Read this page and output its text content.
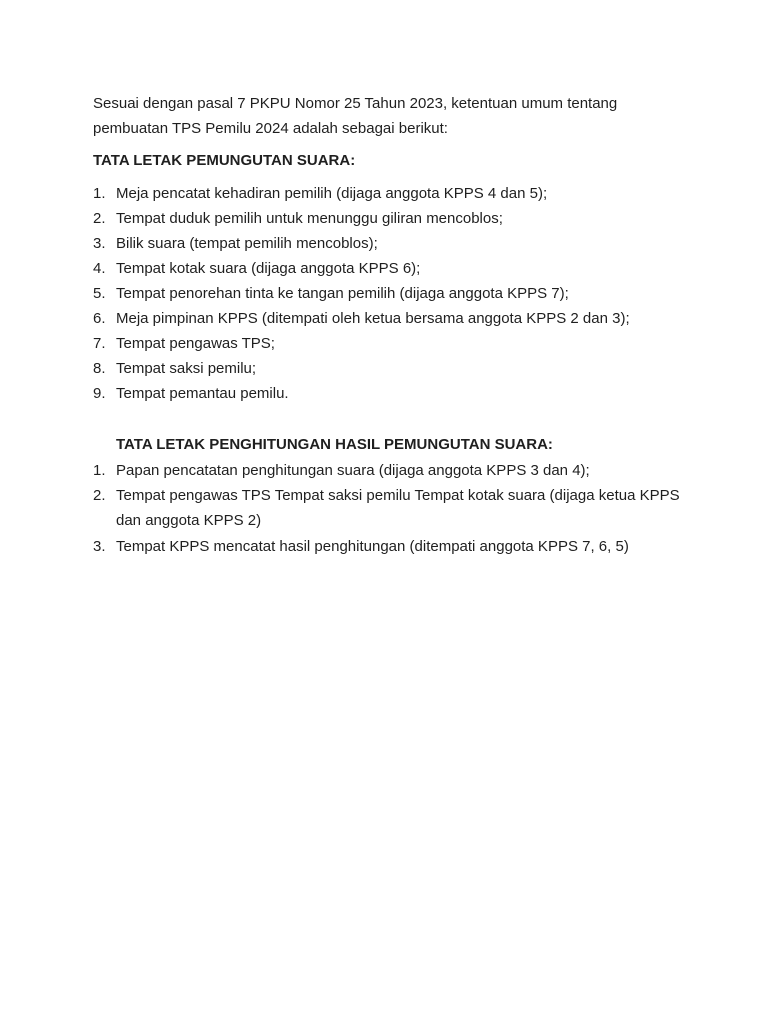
Sesuai dengan pasal 7 PKPU Nomor 25 Tahun 2023, ketentuan umum tentang pembuatan TPS Pemilu 2024 adalah sebagai berikut:

TATA LETAK PEMUNGUTAN SUARA:
1. Meja pencatat kehadiran pemilih (dijaga anggota KPPS 4 dan 5);
2. Tempat duduk pemilih untuk menunggu giliran mencoblos;
3. Bilik suara (tempat pemilih mencoblos);
4. Tempat kotak suara (dijaga anggota KPPS 6);
5. Tempat penorehan tinta ke tangan pemilih (dijaga anggota KPPS 7);
6. Meja pimpinan KPPS (ditempati oleh ketua bersama anggota KPPS 2 dan 3);
7. Tempat pengawas TPS;
8. Tempat saksi pemilu;
9. Tempat pemantau pemilu.
TATA LETAK PENGHITUNGAN HASIL PEMUNGUTAN SUARA:
1. Papan pencatatan penghitungan suara (dijaga anggota KPPS 3 dan 4);
2. Tempat pengawas TPS Tempat saksi pemilu Tempat kotak suara (dijaga ketua KPPS dan anggota KPPS 2)
3. Tempat KPPS mencatat hasil penghitungan (ditempati anggota KPPS 7, 6, 5)
